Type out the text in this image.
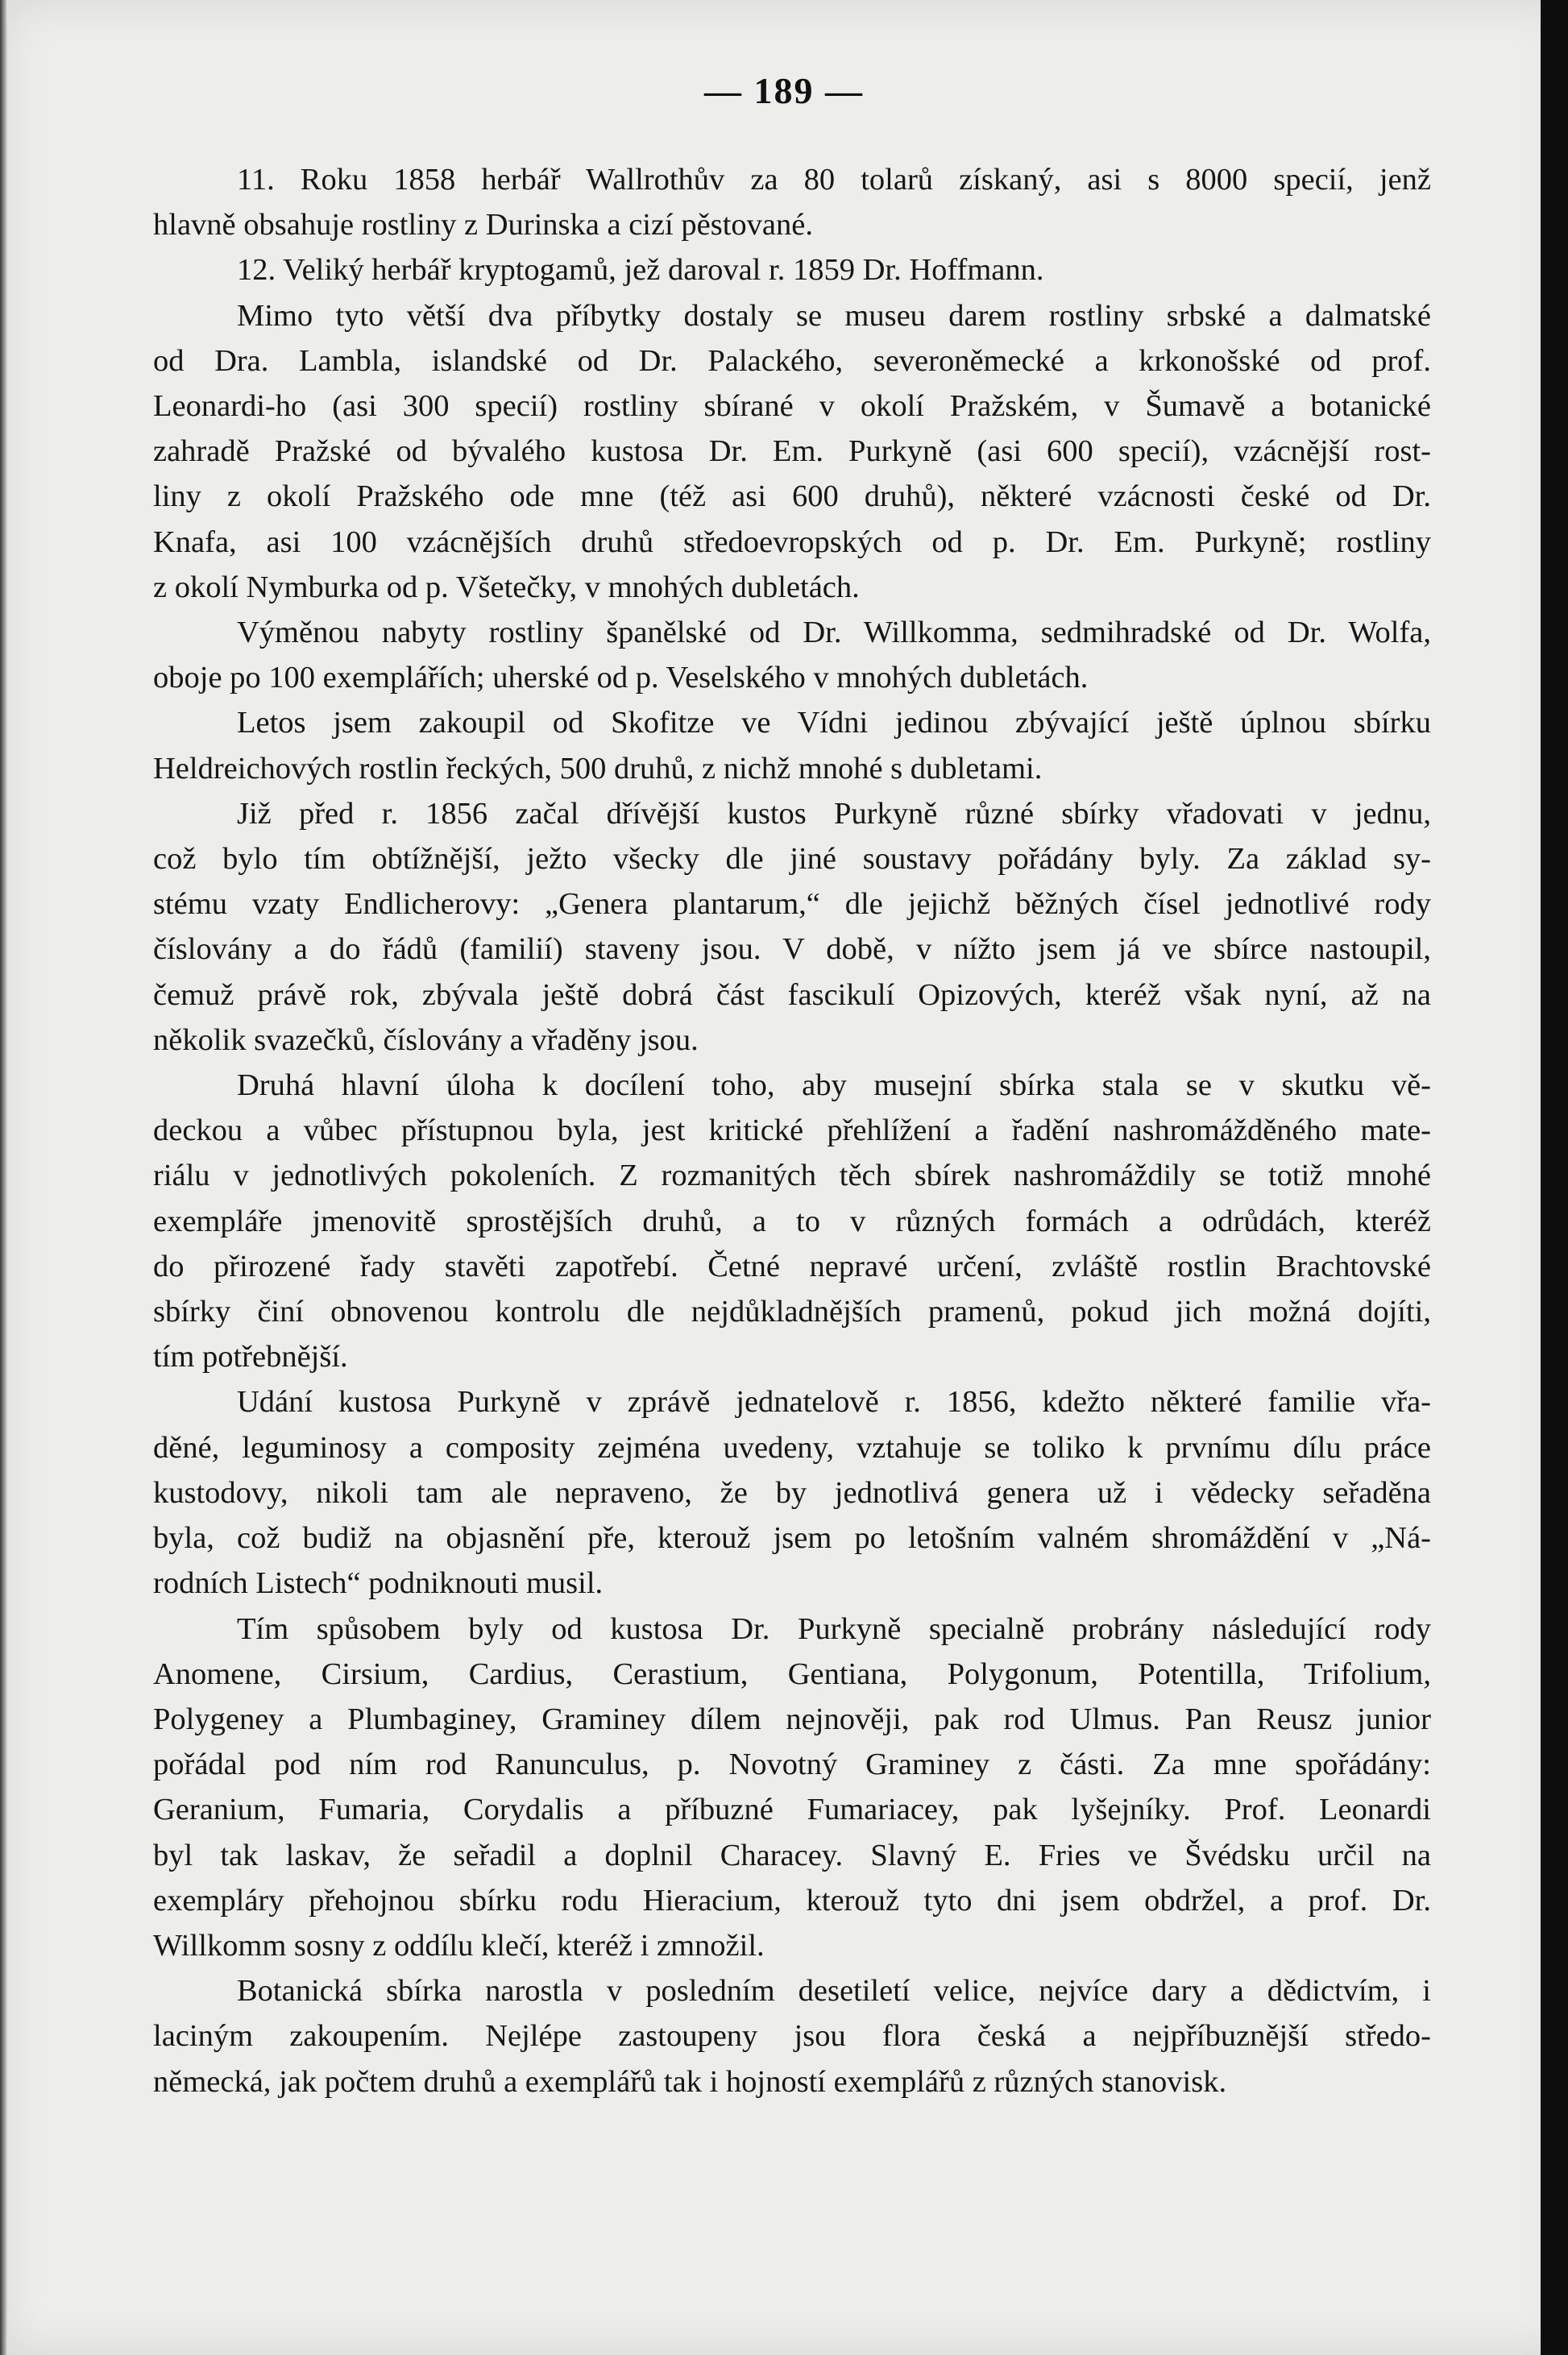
— 189 —

11. Roku 1858 herbář Wallrothův za 80 tolarů získaný, asi s 8000 specií, jenž
hlavně obsahuje rostliny z Durinska a cizí pěstované.

12. Veliký herbář kryptogamů, jež daroval r. 1859 Dr. Hoffmann.

Mimo tyto větší dva příbytky dostaly se museu darem rostliny srbské a dalmatské
od Dra. Lambla, islandské od Dr. Palackého, severoněmecké a krkonošské od prof.
Leonardi-ho (asi 300 specií) rostliny sbírané v okolí Pražském, v Šumavě a botanické
zahradě Pražské od bývalého kustosa Dr. Em. Purkyně (asi 600 specií), vzácnější rost-
liny z okolí Pražského ode mne (též asi 600 druhů), některé vzácnosti české od Dr.
Knafa, asi 100 vzácnějších druhů středoevropských od p. Dr. Em. Purkyně; rostliny
z okolí Nymburka od p. Všetečky, v mnohých dubletách.

Výměnou nabyty rostliny španělské od Dr. Willkomma, sedmihradské od Dr. Wolfa,
oboje po 100 exemplářích; uherské od p. Veselského v mnohých dubletách.

Letos jsem zakoupil od Skofitze ve Vídni jedinou zbývající ještě úplnou sbírku
Heldreichových rostlin řeckých, 500 druhů, z nichž mnohé s dubletami.

Již před r. 1856 začal dřívější kustos Purkyně různé sbírky vřadovati v jednu,
což bylo tím obtížnější, ježto všecky dle jiné soustavy pořádány byly. Za základ sy-
stému vzaty Endlicherovy: „Genera plantarum,“ dle jejichž běžných čísel jednotlivé rody
číslovány a do řádů (familií) staveny jsou. V době, v nížto jsem já ve sbírce nastoupil,
čemuž právě rok, zbývala ještě dobrá část fascikulí Opizových, kteréž však nyní, až na
několik svazečků, číslovány a vřaděny jsou.

Druhá hlavní úloha k docílení toho, aby musejní sbírka stala se v skutku vě-
deckou a vůbec přístupnou byla, jest kritické přehlížení a řadění nashromážděného mate-
riálu v jednotlivých pokoleních. Z rozmanitých těch sbírek nashromáždily se totiž mnohé
exempláře jmenovitě sprostějších druhů, a to v různých formách a odrůdách, kteréž
do přirozené řady stavěti zapotřebí. Četné nepravé určení, zvláště rostlin Brachtovské
sbírky činí obnovenou kontrolu dle nejdůkladnějších pramenů, pokud jich možná dojíti,
tím potřebnější.

Udání kustosa Purkyně v zprávě jednatelově r. 1856, kdežto některé familie vřa-
děné, leguminosy a composity zejména uvedeny, vztahuje se toliko k prvnímu dílu práce
kustodovy, nikoli tam ale nepraveno, že by jednotlivá genera už i vědecky seřaděna
byla, což budiž na objasnění pře, kterouž jsem po letošním valném shromáždění v „Ná-
rodních Listech“ podniknouti musil.

Tím spůsobem byly od kustosa Dr. Purkyně specialně probrány následující rody
Anomene, Cirsium, Cardius, Cerastium, Gentiana, Polygonum, Potentilla, Trifolium,
Polygeney a Plumbaginey, Graminey dílem nejnověji, pak rod Ulmus. Pan Reusz junior
pořádal pod ním rod Ranunculus, p. Novotný Graminey z části. Za mne spořádány:
Geranium, Fumaria, Corydalis a příbuzné Fumariacey, pak lyšejníky. Prof. Leonardi
byl tak laskav, že seřadil a doplnil Characey. Slavný E. Fries ve Švédsku určil na
exempláry přehojnou sbírku rodu Hieracium, kterouž tyto dni jsem obdržel, a prof. Dr.
Willkomm sosny z oddílu klečí, kteréž i zmnožil.

Botanická sbírka narostla v posledním desetiletí velice, nejvíce dary a dědictvím, i
laciným zakoupením. Nejlépe zastoupeny jsou flora česká a nejpříbuznější středo-
německá, jak počtem druhů a exemplářů tak i hojností exemplářů z různých stanovisk.
